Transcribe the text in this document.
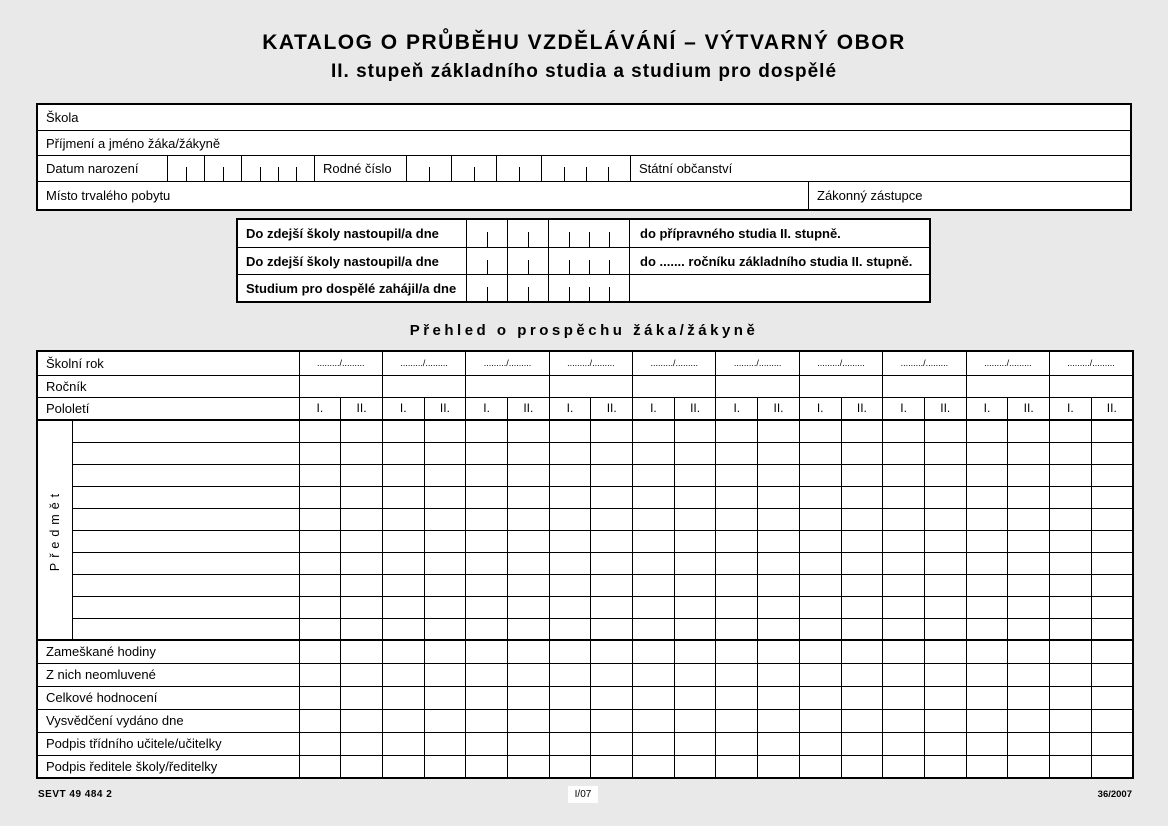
KATALOG O PRŮBĚHU VZDĚLÁVÁNÍ – VÝTVARNÝ OBOR
II. stupeň základního studia a studium pro dospělé
Škola
Příjmení a jméno žáka/žákyně
Datum narození	Rodné číslo	Státní občanství
Místo trvalého pobytu	Zákonný zástupce
Do zdejší školy nastoupil/a dne	do přípravného studia II. stupně.
Do zdejší školy nastoupil/a dne	do ....... ročníku základního studia II. stupně.
Studium pro dospělé zahájil/a dne
Přehled o prospěchu žáka/žákyně
Školní rok		........./.........		........./.........		........./.........		........./.........		........./.........		........./.........		........./.........		........./.........		........./.........		........./.........	
Ročník																					
Pololetí		I.	II.	I.	II.	I.	II.	I.	II.	I.	II.	I.	II.	I.	II.	I.	II.	I.	II.	I.	II.

Předmět																					

Zameškané hodiny																					
Z nich neomluvené																					
Celkové hodnocení																					
Vysvědčení vydáno dne																					
Podpis třídního učitele/učitelky																					
Podpis ředitele školy/ředitelky																					
SEVT 49 484 2	I/07	36/2007
